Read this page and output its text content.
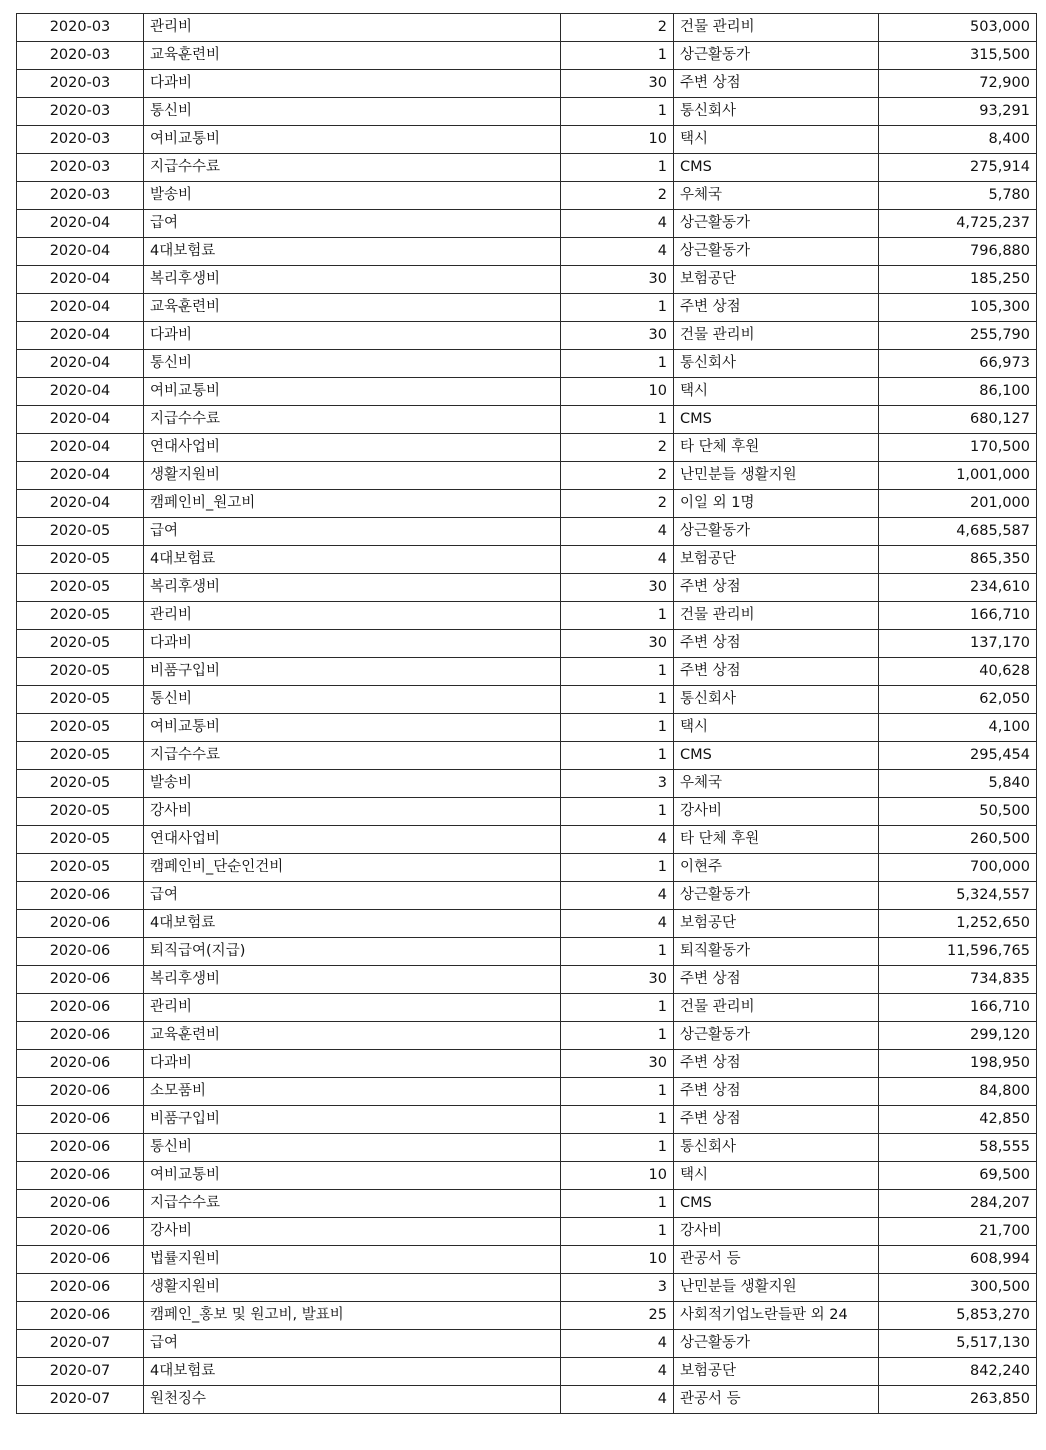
2020-03	관리비	2	건물 관리비	503,000
2020-03	교육훈련비	1	상근활동가	315,500
2020-03	다과비	30	주변 상점	72,900
2020-03	통신비	1	통신회사	93,291
2020-03	여비교통비	10	택시	8,400
2020-03	지급수수료	1	CMS	275,914
2020-03	발송비	2	우체국	5,780
2020-04	급여	4	상근활동가	4,725,237
2020-04	4대보험료	4	상근활동가	796,880
2020-04	복리후생비	30	보험공단	185,250
2020-04	교육훈련비	1	주변 상점	105,300
2020-04	다과비	30	건물 관리비	255,790
2020-04	통신비	1	통신회사	66,973
2020-04	여비교통비	10	택시	86,100
2020-04	지급수수료	1	CMS	680,127
2020-04	연대사업비	2	타 단체 후원	170,500
2020-04	생활지원비	2	난민분들 생활지원	1,001,000
2020-04	캠페인비_원고비	2	이일 외 1명	201,000
2020-05	급여	4	상근활동가	4,685,587
2020-05	4대보험료	4	보험공단	865,350
2020-05	복리후생비	30	주변 상점	234,610
2020-05	관리비	1	건물 관리비	166,710
2020-05	다과비	30	주변 상점	137,170
2020-05	비품구입비	1	주변 상점	40,628
2020-05	통신비	1	통신회사	62,050
2020-05	여비교통비	1	택시	4,100
2020-05	지급수수료	1	CMS	295,454
2020-05	발송비	3	우체국	5,840
2020-05	강사비	1	강사비	50,500
2020-05	연대사업비	4	타 단체 후원	260,500
2020-05	캠페인비_단순인건비	1	이현주	700,000
2020-06	급여	4	상근활동가	5,324,557
2020-06	4대보험료	4	보험공단	1,252,650
2020-06	퇴직급여(지급)	1	퇴직활동가	11,596,765
2020-06	복리후생비	30	주변 상점	734,835
2020-06	관리비	1	건물 관리비	166,710
2020-06	교육훈련비	1	상근활동가	299,120
2020-06	다과비	30	주변 상점	198,950
2020-06	소모품비	1	주변 상점	84,800
2020-06	비품구입비	1	주변 상점	42,850
2020-06	통신비	1	통신회사	58,555
2020-06	여비교통비	10	택시	69,500
2020-06	지급수수료	1	CMS	284,207
2020-06	강사비	1	강사비	21,700
2020-06	법률지원비	10	관공서 등	608,994
2020-06	생활지원비	3	난민분들 생활지원	300,500
2020-06	캠페인_홍보 및 원고비, 발표비	25	사회적기업노란들판 외 24	5,853,270
2020-07	급여	4	상근활동가	5,517,130
2020-07	4대보험료	4	보험공단	842,240
2020-07	원천징수	4	관공서 등	263,850
